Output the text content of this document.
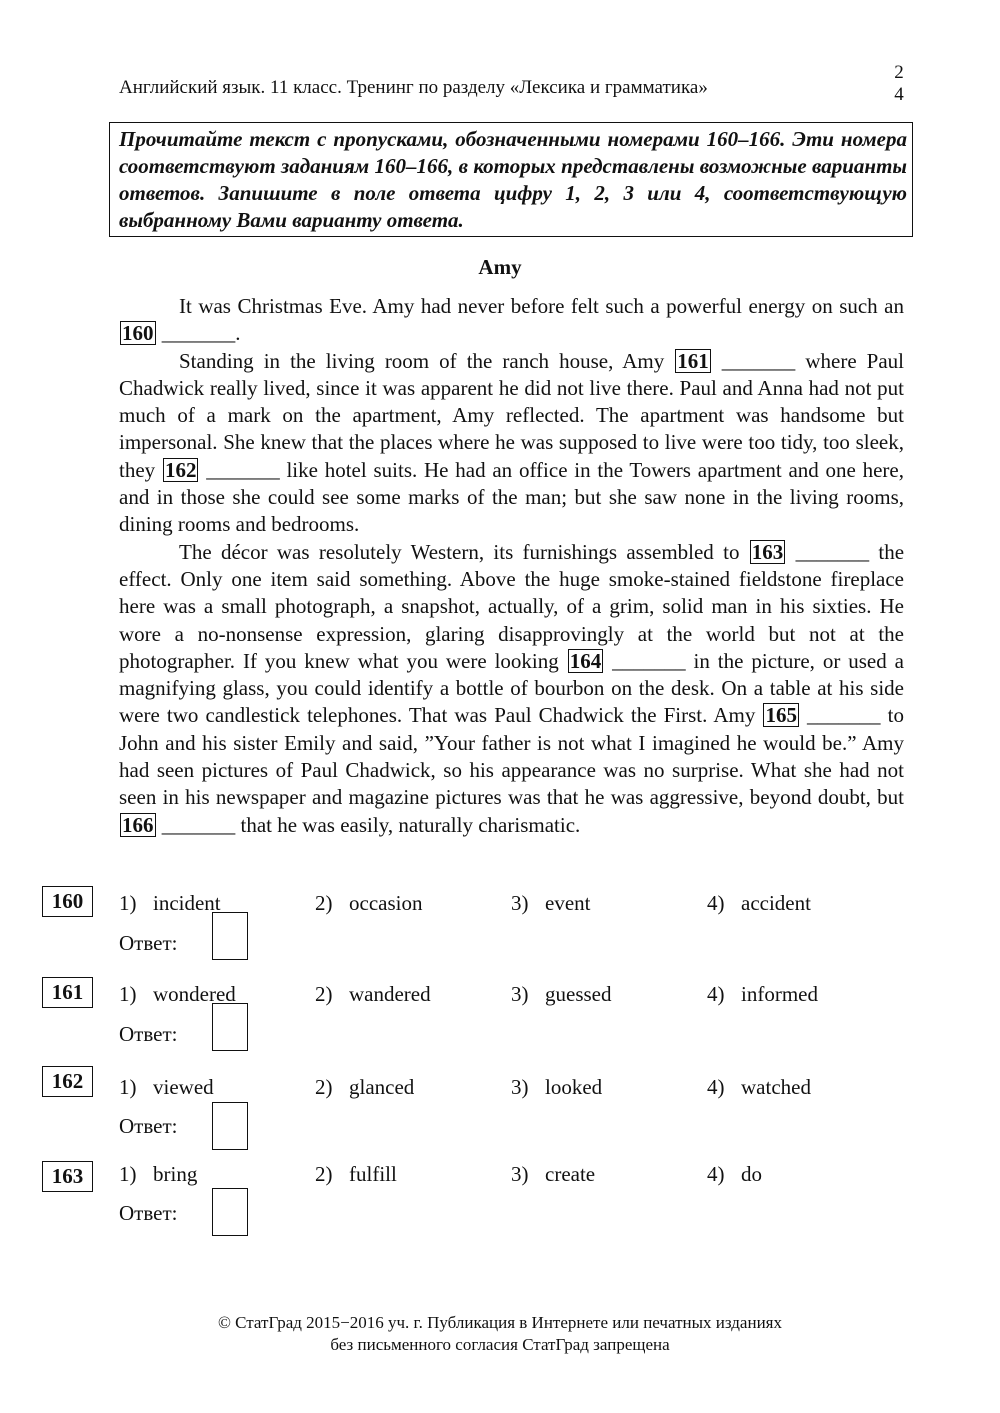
Английский язык. 11 класс. Тренинг по разделу «Лексика и грамматика»
2
4
Прочитайте текст с пропусками, обозначенными номерами 160–166. Эти номера соответствуют заданиям 160–166, в которых представлены возможные варианты ответов. Запишите в поле ответа цифру 1, 2, 3 или 4, соответствующую выбранному Вами варианту ответа.
Amy

It was Christmas Eve. Amy had never before felt such a powerful energy on such an 160 _______.

Standing in the living room of the ranch house, Amy 161 _______ where Paul Chadwick really lived, since it was apparent he did not live there. Paul and Anna had not put much of a mark on the apartment, Amy reflected. The apartment was handsome but impersonal. She knew that the places where he was supposed to live were too tidy, too sleek, they 162 _______ like hotel suits. He had an office in the Towers apartment and one here, and in those she could see some marks of the man; but she saw none in the living rooms, dining rooms and bedrooms.

The décor was resolutely Western, its furnishings assembled to 163 _______ the effect. Only one item said something. Above the huge smoke-stained fieldstone fireplace here was a small photograph, a snapshot, actually, of a grim, solid man in his sixties. He wore a no-nonsense expression, glaring disapprovingly at the world but not at the photographer. If you knew what you were looking 164 _______ in the picture, or used a magnifying glass, you could identify a bottle of bourbon on the desk. On a table at his side were two candlestick telephones. That was Paul Chadwick the First. Amy 165 _______ to John and his sister Emily and said, ”Your father is not what I imagined he would be.” Amy had seen pictures of Paul Chadwick, so his appearance was no surprise. What she had not seen in his newspaper and magazine pictures was that he was aggressive, beyond doubt, but 166 _______ that he was easily, naturally charismatic.

160	1) incident	2) occasion	3) event	4) accident
Ответ:
161	1) wondered	2) wandered	3) guessed	4) informed
Ответ:
162	1) viewed	2) glanced	3) looked	4) watched
Ответ:
163	1) bring	2) fulfill	3) create	4) do
Ответ:
© СтатГрад 2015−2016 уч. г. Публикация в Интернете или печатных изданиях
без письменного согласия СтатГрад запрещена
